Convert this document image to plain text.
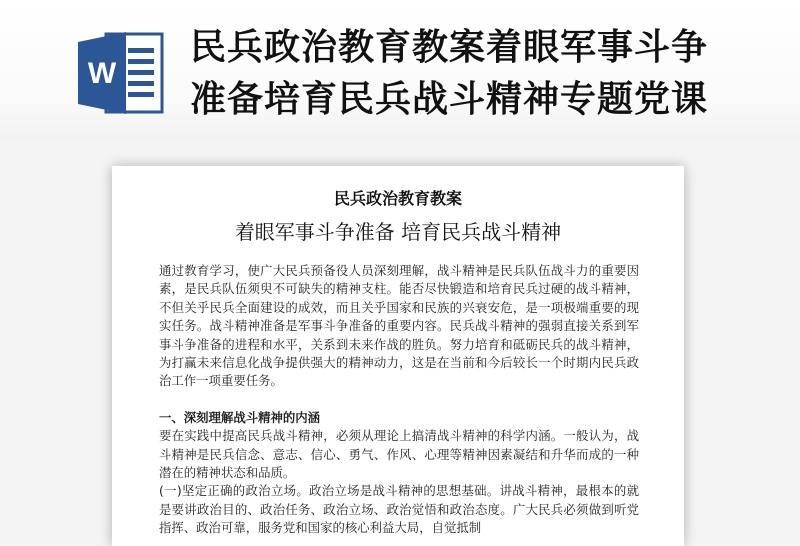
W
民兵政治教育教案着眼军事斗争
准备培育民兵战斗精神专题党课
民兵政治教育教案
着眼军事斗争准备 培育民兵战斗精神

通过教育学习，使广大民兵预备役人员深刻理解，战斗精神是民兵队伍战斗力的重要因素，是民兵队伍须臾不可缺失的精神支柱。能否尽快锻造和培育民兵过硬的战斗精神，不但关乎民兵全面建设的成效，而且关乎国家和民族的兴衰安危，是一项极端重要的现实任务。战斗精神准备是军事斗争准备的重要内容。民兵战斗精神的强弱直接关系到军事斗争准备的进程和水平，关系到未来作战的胜负。努力培育和砥砺民兵的战斗精神，为打赢未来信息化战争提供强大的精神动力，这是在当前和今后较长一个时期内民兵政治工作一项重要任务。

一、深刻理解战斗精神的内涵

要在实践中提高民兵战斗精神，必须从理论上搞清战斗精神的科学内涵。一般认为，战斗精神是民兵信念、意志、信心、勇气、作风、心理等精神因素凝结和升华而成的一种潜在的精神状态和品质。

(一)坚定正确的政治立场。政治立场是战斗精神的思想基础。讲战斗精神，最根本的就是要讲政治目的、政治任务、政治立场、政治觉悟和政治态度。广大民兵必须做到听党指挥、政治可靠，服务党和国家的核心利益大局，自觉抵制
